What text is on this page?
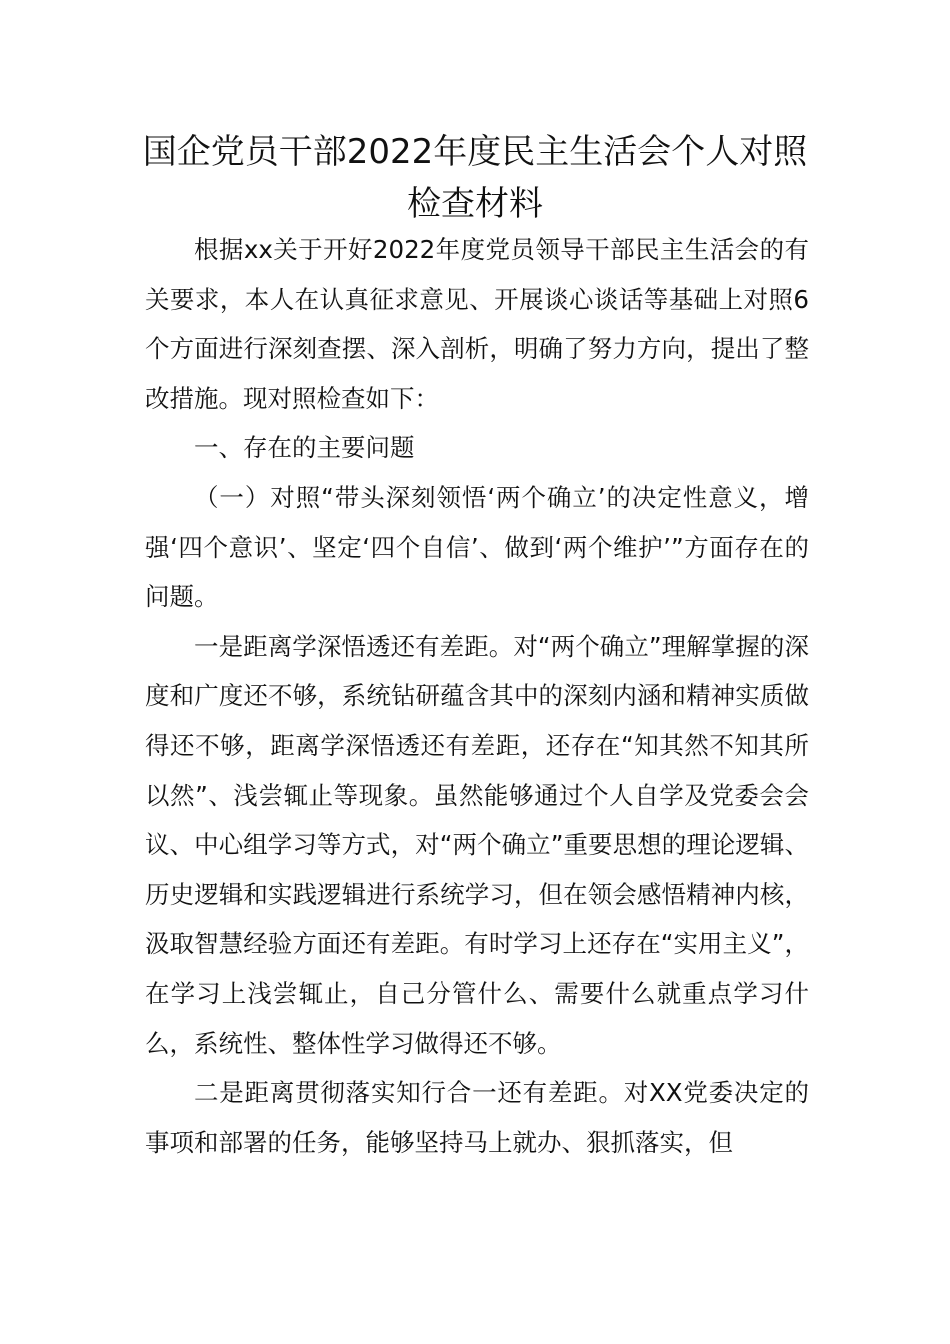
国企党员干部2022年度民主生活会个人对照检查材料

根据xx关于开好2022年度党员领导干部民主生活会的有关要求，本人在认真征求意见、开展谈心谈话等基础上对照6个方面进行深刻查摆、深入剖析，明确了努力方向，提出了整改措施。现对照检查如下：

一、存在的主要问题

（一）对照“带头深刻领悟‘两个确立’的决定性意义，增强‘四个意识’、坚定‘四个自信’、做到‘两个维护’”方面存在的问题。

一是距离学深悟透还有差距。对“两个确立”理解掌握的深度和广度还不够，系统钻研蕴含其中的深刻内涵和精神实质做得还不够，距离学深悟透还有差距，还存在“知其然不知其所以然”、浅尝辄止等现象。虽然能够通过个人自学及党委会会议、中心组学习等方式，对“两个确立”重要思想的理论逻辑、历史逻辑和实践逻辑进行系统学习，但在领会感悟精神内核，汲取智慧经验方面还有差距。有时学习上还存在“实用主义”，在学习上浅尝辄止，自己分管什么、需要什么就重点学习什么，系统性、整体性学习做得还不够。

二是距离贯彻落实知行合一还有差距。对XX党委决定的事项和部署的任务，能够坚持马上就办、狠抓落实，但
